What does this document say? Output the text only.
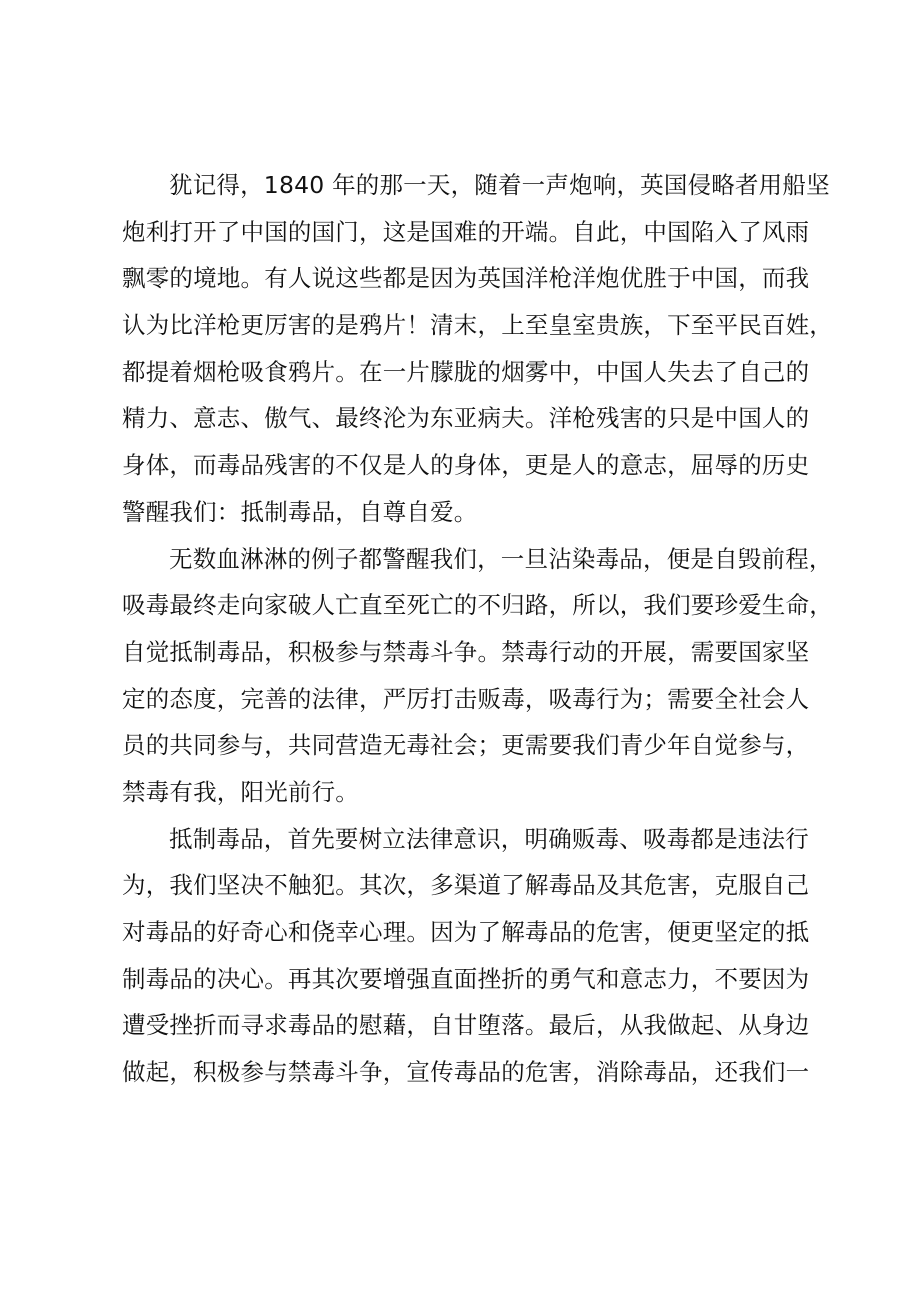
犹记得，1840 年的那一天，随着一声炮响，英国侵略者用船坚
炮利打开了中国的国门，这是国难的开端。自此，中国陷入了风雨
飘零的境地。有人说这些都是因为英国洋枪洋炮优胜于中国，而我
认为比洋枪更厉害的是鸦片！清末，上至皇室贵族，下至平民百姓，
都提着烟枪吸食鸦片。在一片朦胧的烟雾中，中国人失去了自己的
精力、意志、傲气、最终沦为东亚病夫。洋枪残害的只是中国人的
身体，而毒品残害的不仅是人的身体，更是人的意志，屈辱的历史
警醒我们：抵制毒品，自尊自爱。
无数血淋淋的例子都警醒我们，一旦沾染毒品，便是自毁前程，
吸毒最终走向家破人亡直至死亡的不归路，所以，我们要珍爱生命，
自觉抵制毒品，积极参与禁毒斗争。禁毒行动的开展，需要国家坚
定的态度，完善的法律，严厉打击贩毒，吸毒行为；需要全社会人
员的共同参与，共同营造无毒社会；更需要我们青少年自觉参与，
禁毒有我，阳光前行。
抵制毒品，首先要树立法律意识，明确贩毒、吸毒都是违法行
为，我们坚决不触犯。其次，多渠道了解毒品及其危害，克服自己
对毒品的好奇心和侥幸心理。因为了解毒品的危害，便更坚定的抵
制毒品的决心。再其次要增强直面挫折的勇气和意志力，不要因为
遭受挫折而寻求毒品的慰藉，自甘堕落。最后，从我做起、从身边
做起，积极参与禁毒斗争，宣传毒品的危害，消除毒品，还我们一
